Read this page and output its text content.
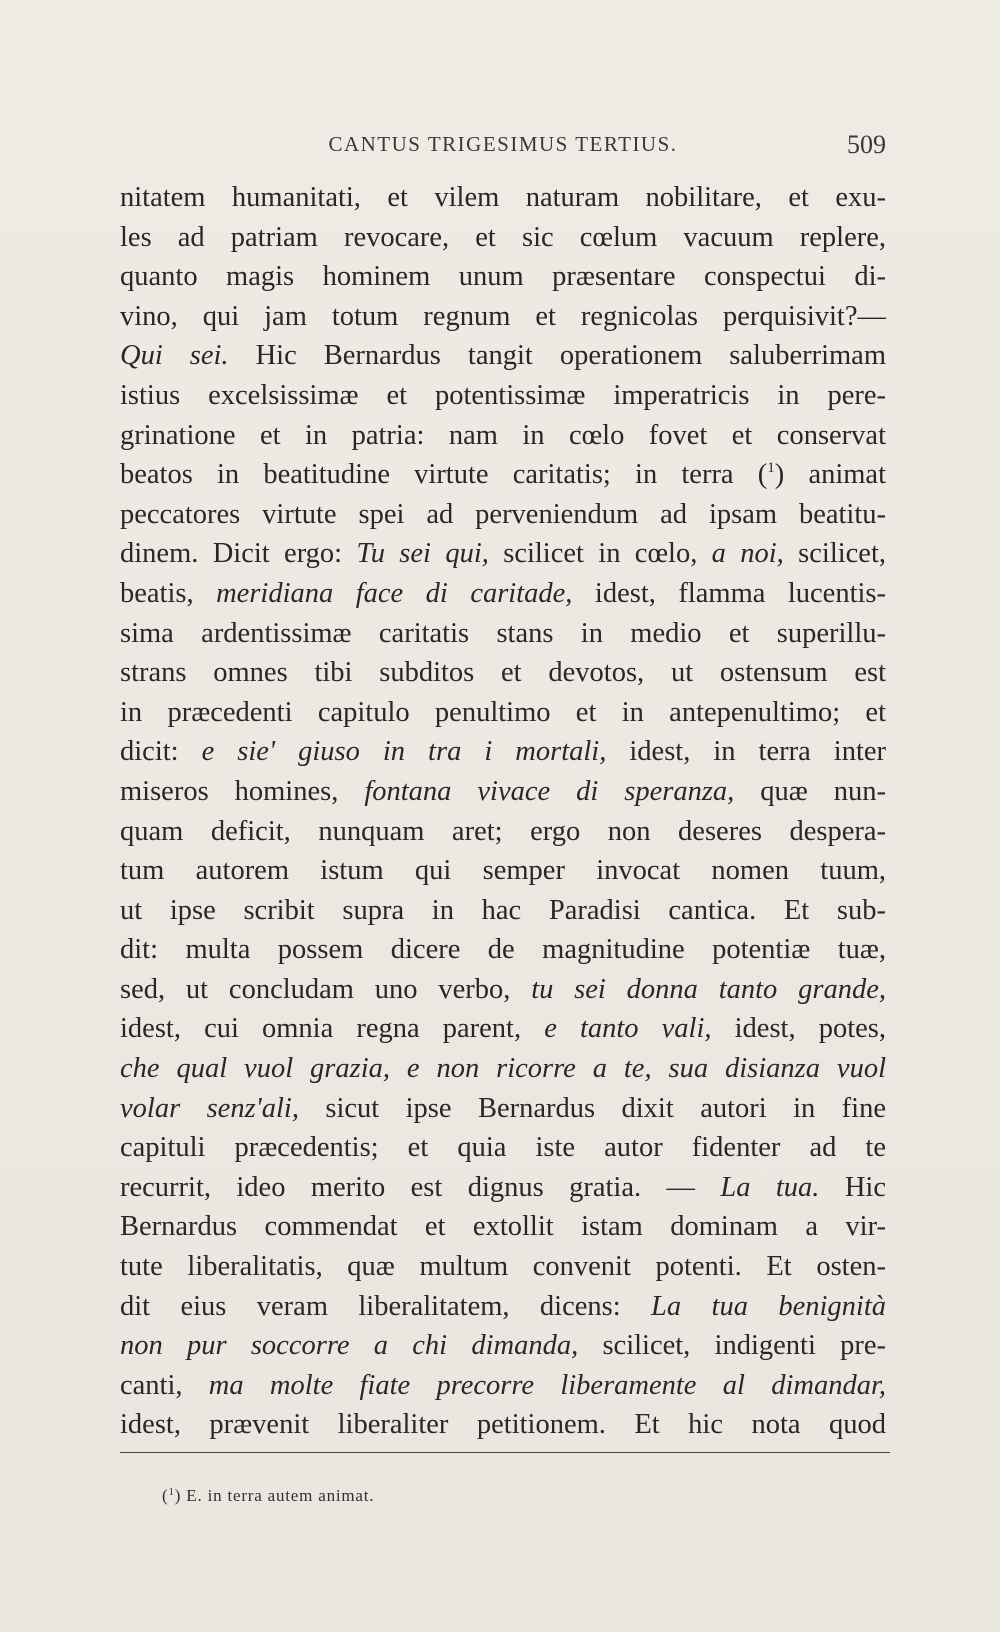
CANTUS TRIGESIMUS TERTIUS.	509
nitatem humanitati, et vilem naturam nobilitare, et exu-
les ad patriam revocare, et sic cœlum vacuum replere,
quanto magis hominem unum præsentare conspectui di-
vino, qui jam totum regnum et regnicolas perquisivit?—
Qui sei. Hic Bernardus tangit operationem saluberrimam
istius excelsissimæ et potentissimæ imperatricis in pere-
grinatione et in patria: nam in cœlo fovet et conservat
beatos in beatitudine virtute caritatis; in terra ($^1$) animat
peccatores virtute spei ad perveniendum ad ipsam beatitu-
dinem. Dicit ergo: Tu sei qui, scilicet in cœlo, a noi, scilicet,
beatis, meridiana face di caritade, idest, flamma lucentis-
sima ardentissimæ caritatis stans in medio et superillu-
strans omnes tibi subditos et devotos, ut ostensum est
in præcedenti capitulo penultimo et in antepenultimo; et
dicit: e sie' giuso in tra i mortali, idest, in terra inter
miseros homines, fontana vivace di speranza, quæ nun-
quam deficit, nunquam aret; ergo non deseres despera-
tum autorem istum qui semper invocat nomen tuum,
ut ipse scribit supra in hac Paradisi cantica. Et sub-
dit: multa possem dicere de magnitudine potentiæ tuæ,
sed, ut concludam uno verbo, tu sei donna tanto grande,
idest, cui omnia regna parent, e tanto vali, idest, potes,
che qual vuol grazia, e non ricorre a te, sua disianza vuol
volar senz'ali, sicut ipse Bernardus dixit autori in fine
capituli præcedentis; et quia iste autor fidenter ad te
recurrit, ideo merito est dignus gratia. — La tua. Hic
Bernardus commendat et extollit istam dominam a vir-
tute liberalitatis, quæ multum convenit potenti. Et osten-
dit eius veram liberalitatem, dicens: La tua benignità
non pur soccorre a chi dimanda, scilicet, indigenti pre-
canti, ma molte fiate precorre liberamente al dimandar,
idest, prævenit liberaliter petitionem. Et hic nota quod
($^1$) E. in terra autem animat.
